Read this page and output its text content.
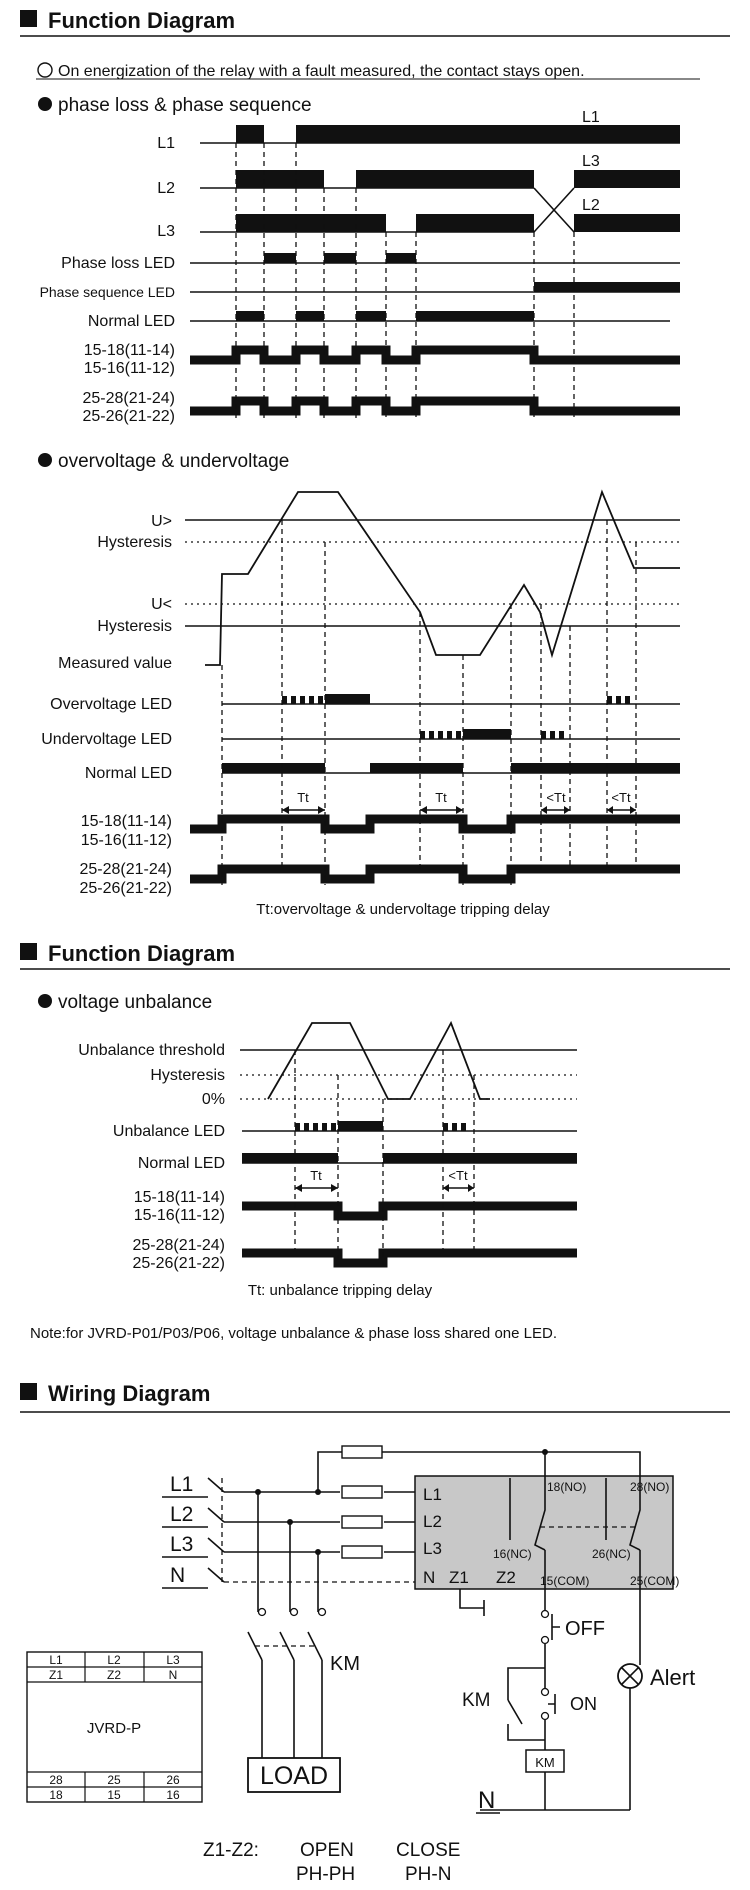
Function Diagram
On energization of the relay with a fault measured, the contact stays open.
phase loss & phase sequence
L1
L2
L3
Phase loss LED
Phase sequence LED
Normal LED
15-18(11-14)
15-16(11-12)
25-28(21-24)
25-26(21-22)
L1
L3
L2
overvoltage & undervoltage
U>
Hysteresis
U<
Hysteresis
Measured value
Overvoltage LED
Undervoltage LED
Normal LED
15-18(11-14)
15-16(11-12)
25-28(21-24)
25-26(21-22)
Tt	Tt	<Tt	<Tt
Tt:overvoltage & undervoltage tripping delay
Function Diagram
voltage unbalance
Unbalance threshold
Hysteresis
0%
Unbalance LED
Normal LED
15-18(11-14)
15-16(11-12)
25-28(21-24)
25-26(21-22)
Tt	<Tt
Tt: unbalance tripping delay
Note:for JVRD-P01/P03/P06, voltage unbalance & phase loss shared one LED.
Wiring Diagram
L1
L2
L3
N
KM
LOAD
L1
L2
L3
N Z1 Z2
18(NO)	28(NO)
16(NC)	26(NC)
15(COM)	25(COM)
OFF
ON
KM
KM
Alert
N
L1	L2	L3
Z1	Z2	N
JVRD-P
28	25	26
18	15	16
Z1-Z2: OPEN CLOSE
PH-PH	PH-N
